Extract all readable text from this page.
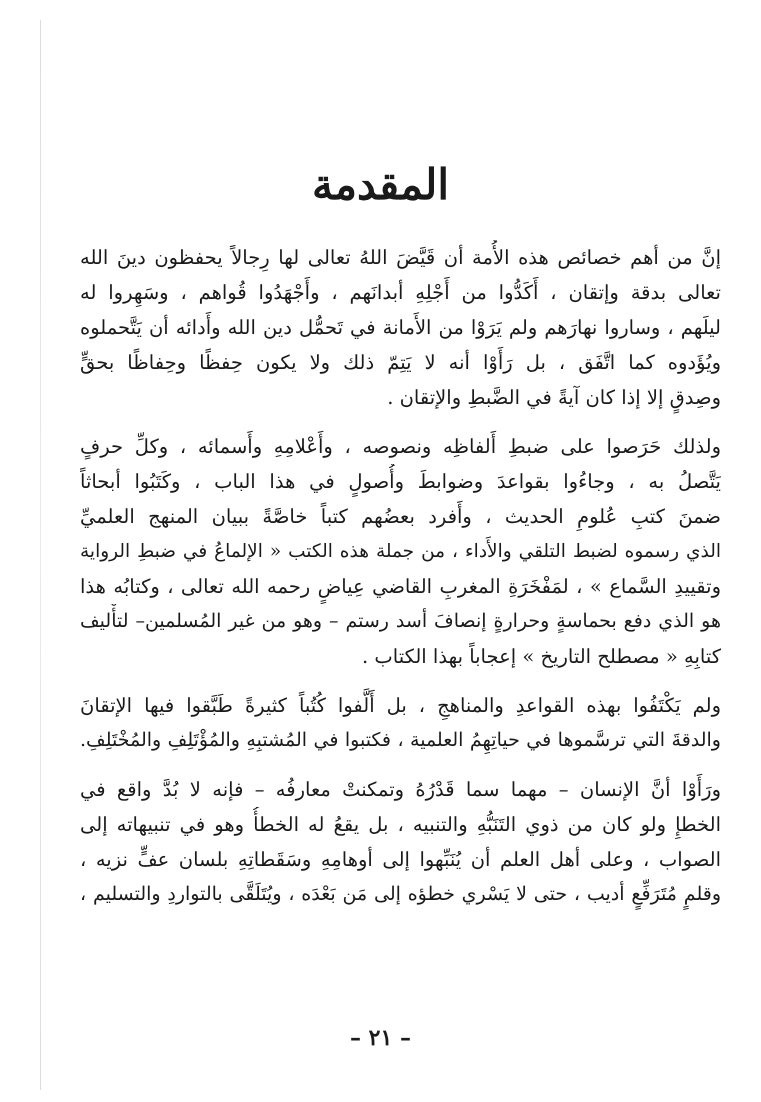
المقدمة
إنَّ من أهم خصائص هذه الأُمة أن قَيَّضَ اللهُ تعالى لها رِجالاً يحفظون دينَ الله
تعالى بدقة وإتقان ، أَكَدُّوا من أَجْلِهِ أبدانَهم ، وأَجْهَدُوا قُواهم ، وسَهِروا له
ليلَهم ، وساروا نهارَهم ولم يَرَوْا من الأَمانة في تَحمُّل دين الله وأَدائه أن يَتَّحملوه
ويُؤَدوه كما اتَّفَق ، بل رَأَوْا أنه لا يَتِمّ ذلك ولا يكون حِفظًا وحِفاظًا بحقٍّ
وصِدقٍ إلا إذا كان آيةً في الضَّبطِ والإتقان .
ولذلك حَرَصوا على ضبطِ أَلفاظِه ونصوصه ، وأَعْلامِهِ وأَسمائه ، وكلِّ حرفٍ
يَتَّصلُ به ، وجاءُوا بقواعدَ وضوابطَ وأُصولٍ في هذا الباب ، وكَتَبُوا أبحاثاً
ضمنَ كتبِ عُلومِ الحديث ، وأَفرد بعضُهم كتباً خاصَّةً ببيان المنهج العلميِّ
الذي رسموه لضبط التلقي والأَداء ، من جملة هذه الكتب « الإلماعُ في ضبطِ الرواية
وتقييدِ السَّماع » ، لمَفْخَرَةِ المغربِ القاضي عِياضٍ رحمه الله تعالى ، وكتابُه هذا
هو الذي دفع بحماسةٍ وحرارةٍ إنصافَ أسد رستم – وهو من غير المُسلمين– لتأْليف
كتابِهِ « مصطلح التاريخ » إعجاباً بهذا الكتاب .
ولم يَكْتَفُوا بهذه القواعدِ والمناهجِ ، بل أَلَّفوا كُتُباً كثيرةً طَبَّقوا فيها الإتقانَ
والدقةَ التي ترسَّموها في حياتِهِمُ العلمية ، فكتبوا في المُشتبِهِ والمُؤْتَلِفِ والمُخْتَلِفِ.
ورَأَوْا أنَّ الإنسان – مهما سما قَدْرُهُ وتمكنتْ معارفُه – فإنه لا بُدَّ واقع في
الخطإِ ولو كان من ذوي التَنَبُّهِ والتنبيه ، بل يقعُ له الخطأُ وهو في تنبيهاته إلى
الصواب ، وعلى أهل العلم أن يُنَبِّهوا إلى أوهامِهِ وسَقَطاتِهِ بلسان عفٍّ نزيه ،
وقلمٍ مُتَرَفِّعٍ أديب ، حتى لا يَسْري خطؤه إلى مَن بَعْدَه ، ويُتَلَقَّى بالتواردِ والتسليم ،
– ٢١ –
